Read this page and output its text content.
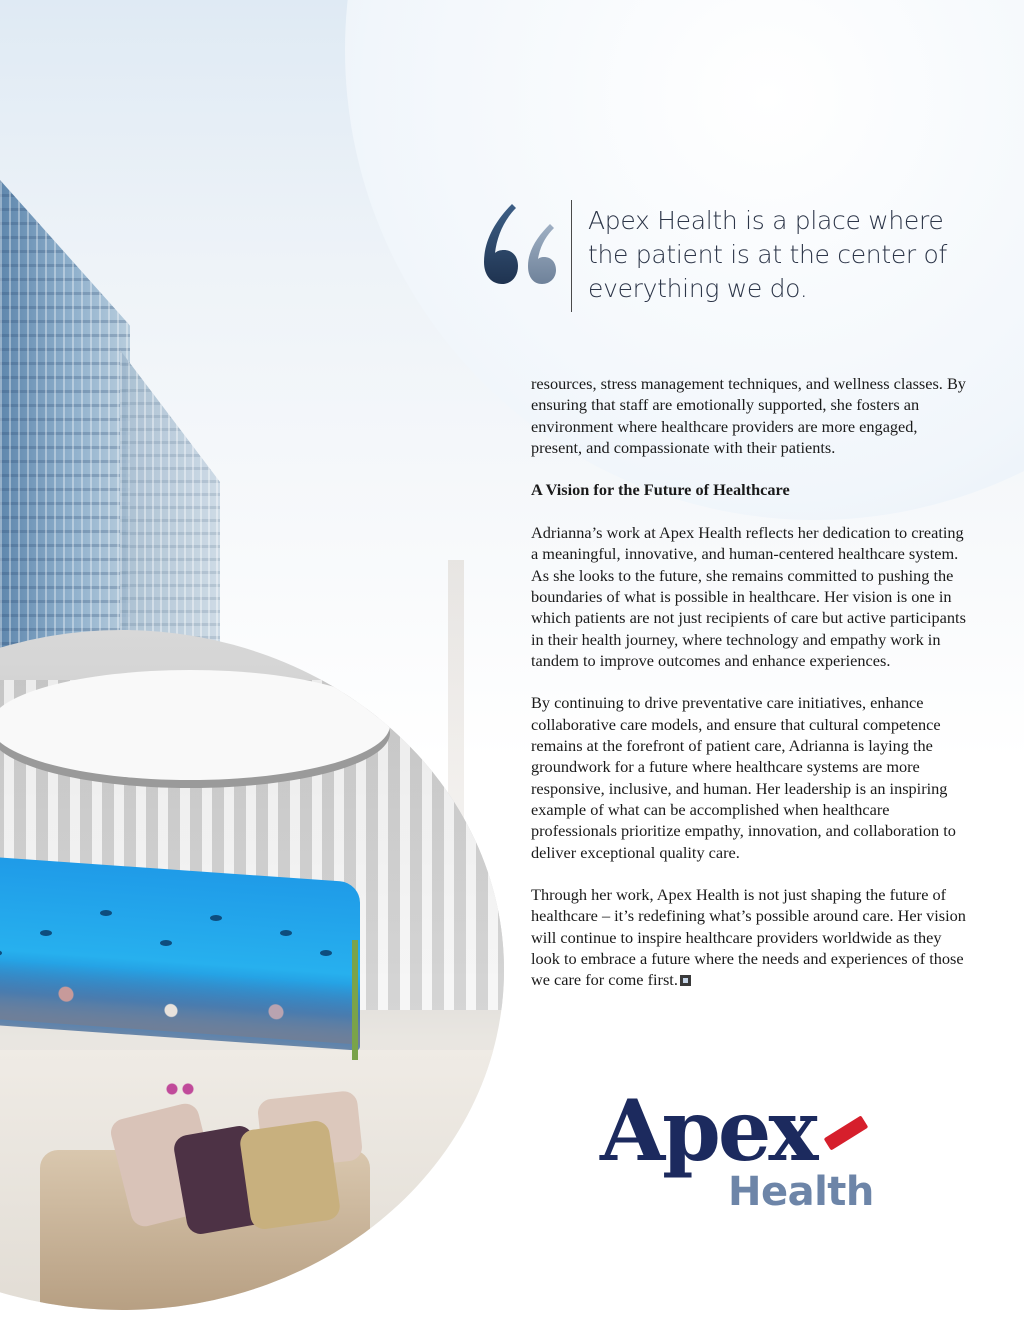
Apex Health is a place where
the patient is at the center of
everything we do.

resources, stress management techniques, and wellness classes. By ensuring that staff are emotionally supported, she fosters an environment where healthcare providers are more engaged, present, and compassionate with their patients.

A Vision for the Future of Healthcare

Adrianna’s work at Apex Health reflects her dedication to creating a meaningful, innovative, and human-centered healthcare system. As she looks to the future, she remains committed to pushing the boundaries of what is possible in healthcare. Her vision is one in which patients are not just recipients of care but active participants in their health journey, where technology and empathy work in tandem to improve outcomes and enhance experiences.

By continuing to drive preventative care initiatives, enhance collaborative care models, and ensure that cultural competence remains at the forefront of patient care, Adrianna is laying the groundwork for a future where healthcare systems are more responsive, inclusive, and human. Her leadership is an inspiring example of what can be accomplished when healthcare professionals prioritize empathy, innovation, and collaboration to deliver exceptional quality care.

Through her work, Apex Health is not just shaping the future of healthcare – it’s redefining what’s possible around care. Her vision will continue to inspire healthcare providers worldwide as they look to embrace a future where the needs and experiences of those we care for come first.

Apex
Health
